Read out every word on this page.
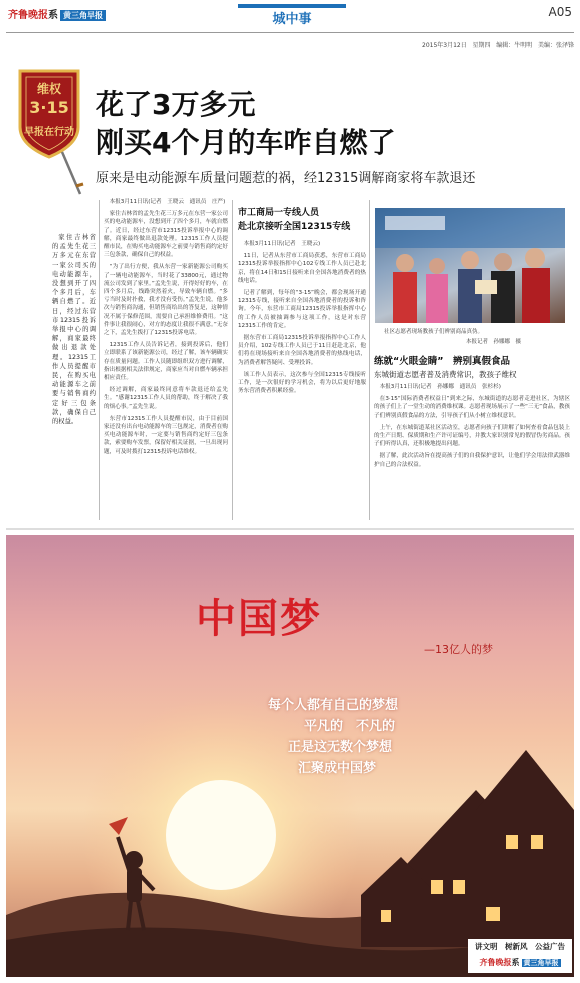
齐鲁晚报系 黄三角早报	城中事	A05
2015年3月12日 星期四 编辑：牛明明 美编：张泽锋
维权
3·15
早报在行动
花了3万多元
刚买4个月的车咋自燃了
原来是电动能源车质量问题惹的祸，经12315调解商家将车款退还

家住吉林省的孟先生花三万多元在东营一家公司买的电动能源车，没想到开了四个多月后，车辆自燃了。近日，经过东营市12315投诉举报中心的调解，商家最终做出退款处理。12315工作人员提醒市民，在购买电动能源车之前要与销售商约定好三包条款，确保自己的权益。

本报3月11日讯(记者　王晓云　通讯员　庄严)

家住吉林省的孟先生花三万多元在东营一家公司买的电动能源车，没想到开了四个多月，车就自燃了。近日，经过东营市12315投诉举报中心的调解，商家最终做出退款处理。12315工作人员提醒市民，在购买电动能源车之前要与销售商约定好三包条款，确保自己的权益。

“为了出行方便，我从东营一家新能源公司购买了一辆电动能源车，当时花了33800元，通过物流公司发到了家里。”孟先生说，开得好好的车，在四个多月后，线路突然着火，导致车辆自燃。“多亏当时及时扑救，我才没有受伤。”孟先生说，他多次与销售商沟通，但销售商给出的答复是，这种情况不属于保修范围，需要自己承担维修费用。“这件事让我很闹心，对方的态度让我很不满意。”无奈之下，孟先生拨打了12315投诉电话。

12315工作人员告诉记者，接到投诉后，他们立即联系了该新能源公司，经过了解，该车辆确实存在质量问题。工作人员随即组织双方进行调解，指出根据相关法律规定，商家应当对自燃车辆承担相应责任。

经过调解，商家最终同意将车款退还给孟先生。“感谢12315工作人员的帮助，终于解决了我的烦心事。”孟先生说。

东营市12315工作人员提醒市民，由于目前国家还没有出台电动能源车的三包规定，消费者在购买电动能源车时，一定要与销售商约定好三包条款，索要购车发票，保留好相关证据，一旦出现问题，可及时拨打12315投诉电话维权。

市工商局一专线人员
赴北京接听全国12315专线

本报3月11日讯(记者　王晓云)

11日，记者从东营市工商局获悉，东营市工商局12315投诉举报指挥中心102专线工作人员已赴北京，将在14日和15日接听来自全国各地消费者的热线电话。

记者了解到，每年的“3·15”晚会，都会现场开通12315专线，接听来自全国各地消费者的投诉和咨询。今年，东营市工商局12315投诉举报指挥中心的工作人员被抽调参与这项工作，这是对东营12315工作的肯定。

据东营市工商局12315投诉举报指挥中心工作人员介绍，102专线工作人员已于11日赶赴北京，他们将在现场接听来自全国各地消费者的热线电话，为消费者解答疑问、受理投诉。

该工作人员表示，这次参与全国12315专线接听工作，是一次很好的学习机会，将为以后更好地服务东营消费者积累经验。

社区志愿者现场教孩子们辨别商品真伪。
本报记者　孙娜娜　摄
练就“火眼金睛”　辨别真假食品
东城街道志愿者普及消费常识，教孩子维权

本报3月11日讯(记者　孙娜娜　通讯员　张杉杉)

在3·15“国际消费者权益日”到来之际，东城街道的志愿者走进社区，为辖区的孩子们上了一堂生动的消费维权课。志愿者现场展示了一些“三无”食品，教孩子们辨别真假食品的方法，引导孩子们从小树立维权意识。

上午，在东城街道某社区活动室，志愿者向孩子们讲解了如何查看食品包装上的生产日期、保质期和生产许可证编号，并教大家识别常见的假冒伪劣商品。孩子们听得认真，还积极地提出问题。

据了解，此次活动旨在提高孩子们的自我保护意识，让他们学会用法律武器维护自己的合法权益。

中国梦
—13亿人的梦
每个人都有自己的梦想
平凡的　不凡的
正是这无数个梦想
汇聚成中国梦
讲文明　树新风　公益广告
齐鲁晚报系 黄三角早报
